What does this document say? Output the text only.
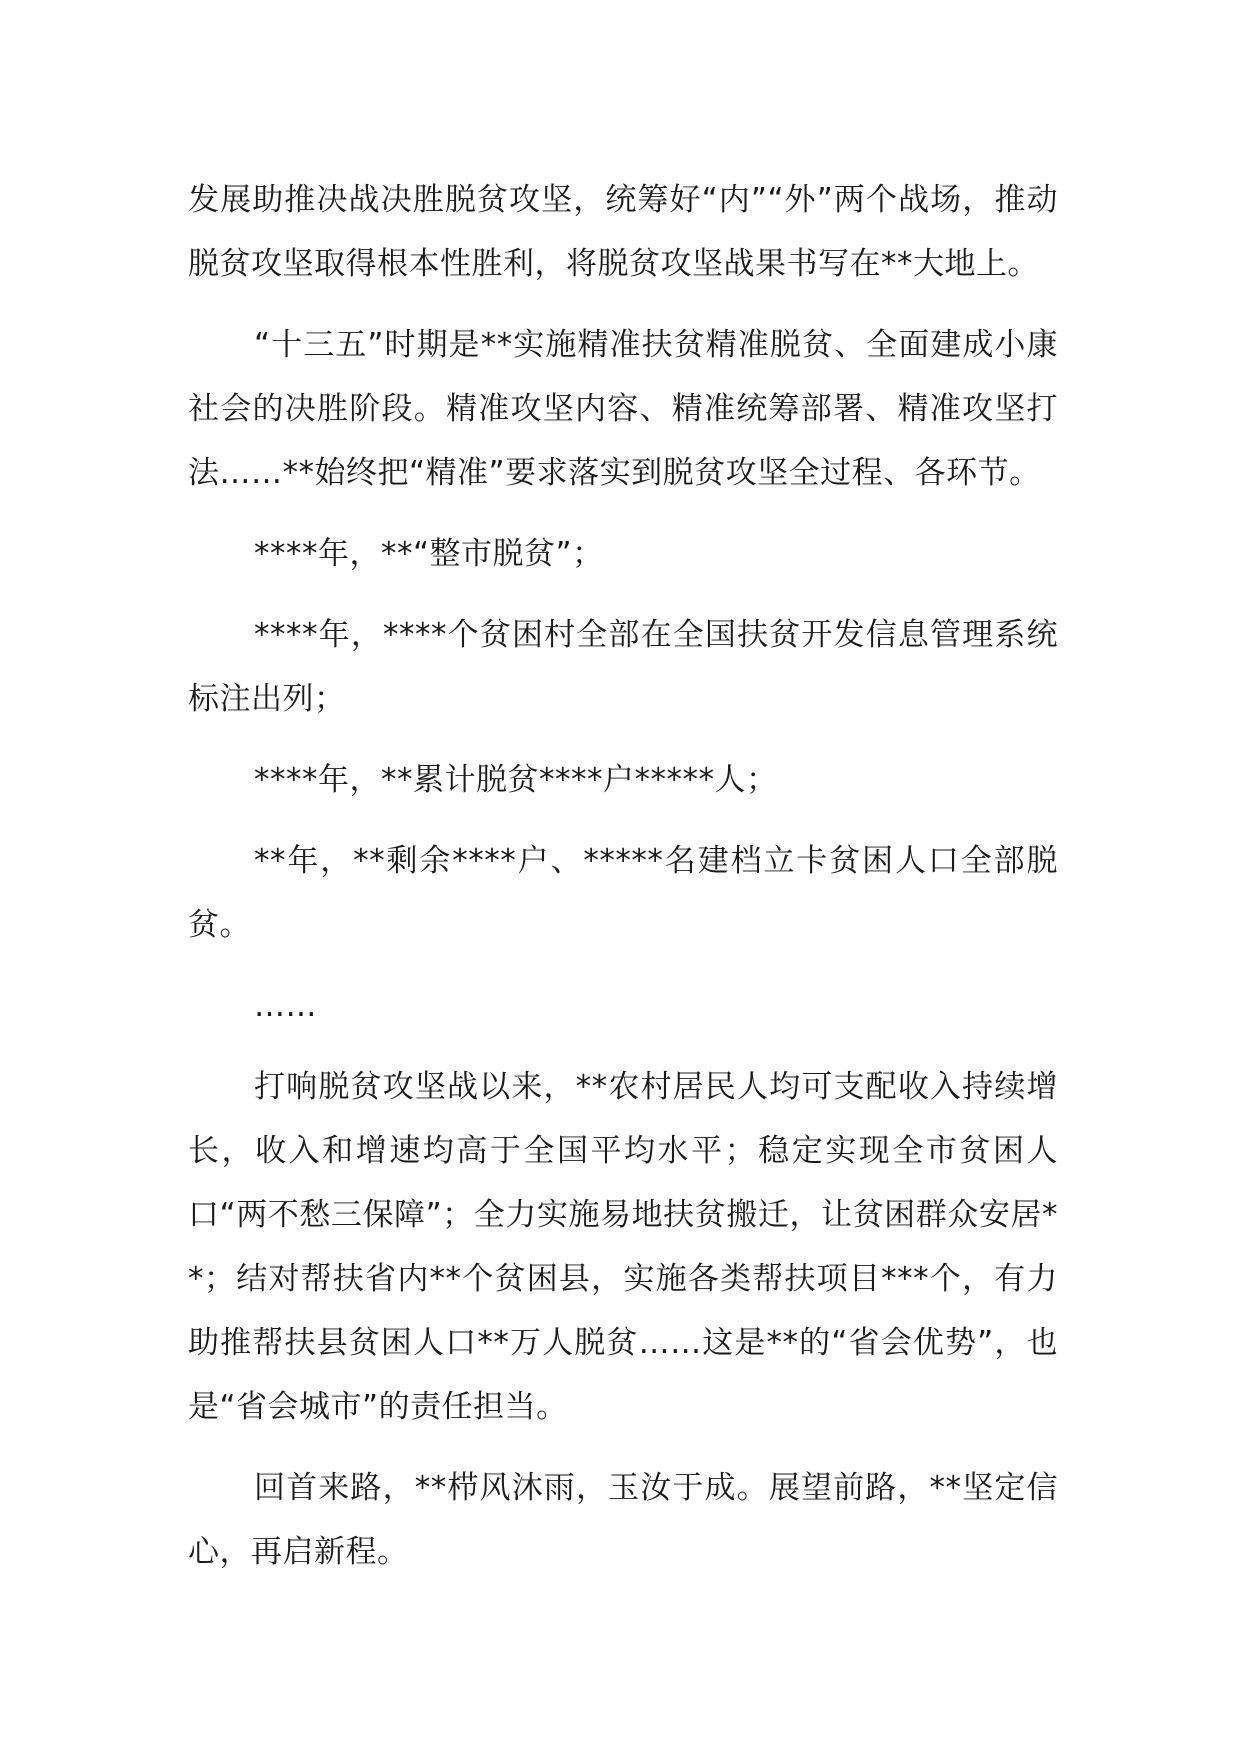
发展助推决战决胜脱贫攻坚，统筹好“内”“外”两个战场，推动脱贫攻坚取得根本性胜利，将脱贫攻坚战果书写在**大地上。

“十三五”时期是**实施精准扶贫精准脱贫、全面建成小康社会的决胜阶段。精准攻坚内容、精准统筹部署、精准攻坚打法……**始终把“精准”要求落实到脱贫攻坚全过程、各环节。

****年，**“整市脱贫”；

****年，****个贫困村全部在全国扶贫开发信息管理系统标注出列；

****年，**累计脱贫****户*****人；

**年，**剩余****户、*****名建档立卡贫困人口全部脱贫。

……

打响脱贫攻坚战以来，**农村居民人均可支配收入持续增长，收入和增速均高于全国平均水平；稳定实现全市贫困人口“两不愁三保障”；全力实施易地扶贫搬迁，让贫困群众安居**；结对帮扶省内**个贫困县，实施各类帮扶项目***个，有力助推帮扶县贫困人口**万人脱贫……这是**的“省会优势”，也是“省会城市”的责任担当。

回首来路，**栉风沐雨，玉汝于成。展望前路，**坚定信心，再启新程。
